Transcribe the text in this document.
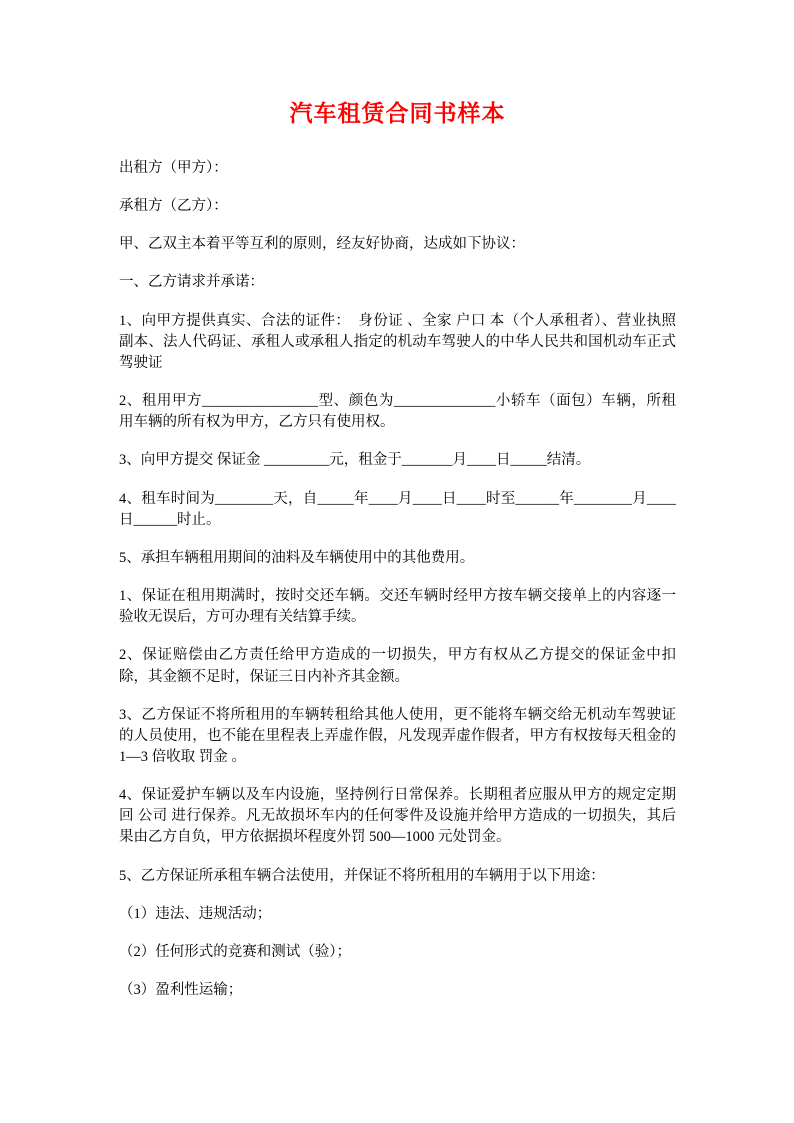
汽车租赁合同书样本

出租方（甲方）：

承租方（乙方）：

甲、乙双主本着平等互利的原则，经友好协商，达成如下协议：

一、乙方请求并承诺：

1、向甲方提供真实、合法的证件：  身份证 、全家 户口 本（个人承租者）、营业执照 副本、法人代码证、承租人或承租人指定的机动车驾驶人的中华人民共和国机动车正式 驾驶证

2、租用甲方________________型、颜色为______________小轿车（面包）车辆，所租用车辆的所有权为甲方，乙方只有使用权。

3、向甲方提交 保证金 _________元，租金于_______月____日_____结清。

4、租车时间为________天，自_____年____月____日____时至______年________月____日______时止。

5、承担车辆租用期间的油料及车辆使用中的其他费用。

1、保证在租用期满时，按时交还车辆。交还车辆时经甲方按车辆交接单上的内容逐一验收无误后，方可办理有关结算手续。

2、保证赔偿由乙方责任给甲方造成的一切损失，甲方有权从乙方提交的保证金中扣除，其金额不足时，保证三日内补齐其金额。

3、乙方保证不将所租用的车辆转租给其他人使用，更不能将车辆交给无机动车驾驶证的人员使用，也不能在里程表上弄虚作假，凡发现弄虚作假者，甲方有权按每天租金的1—3 倍收取 罚金 。

4、保证爱护车辆以及车内设施，坚持例行日常保养。长期租者应服从甲方的规定定期回 公司 进行保养。凡无故损坏车内的任何零件及设施并给甲方造成的一切损失，其后果由乙方自负，甲方依据损坏程度外罚 500—1000 元处罚金。

5、乙方保证所承租车辆合法使用，并保证不将所租用的车辆用于以下用途：

（1）违法、违规活动；

（2）任何形式的竞赛和测试（验）；

（3）盈利性运输；
